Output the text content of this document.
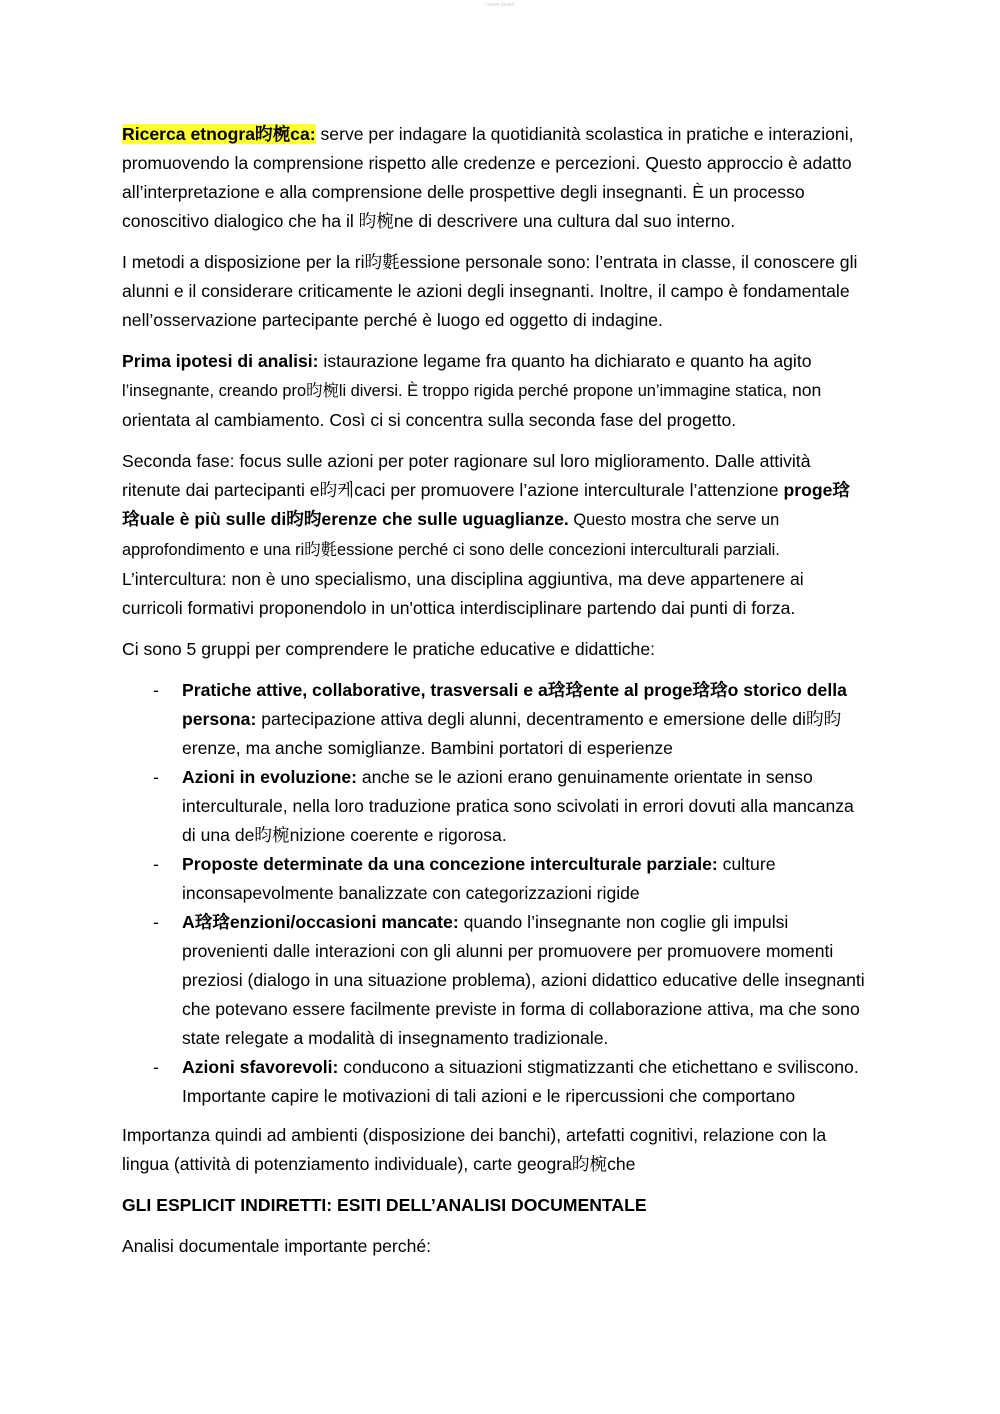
Lorem Ipsum

Ricerca etnogra昀椀ca: serve per indagare la quotidianità scolastica in pratiche e interazioni, promuovendo la comprensione rispetto alle credenze e percezioni. Questo approccio è adatto all’interpretazione e alla comprensione delle prospettive degli insegnanti. È un processo conoscitivo dialogico che ha il 昀椀ne di descrivere una cultura dal suo interno.

I metodi a disposizione per la ri昀氀essione personale sono: l’entrata in classe, il conoscere gli alunni e il considerare criticamente le azioni degli insegnanti. Inoltre, il campo è fondamentale nell’osservazione partecipante perché è luogo ed oggetto di indagine.

Prima ipotesi di analisi: istaurazione legame fra quanto ha dichiarato e quanto ha agito l’insegnante, creando pro昀椀li diversi. È troppo rigida perché propone un’immagine statica, non orientata al cambiamento. Così ci si concentra sulla seconda fase del progetto.

Seconda fase: focus sulle azioni per poter ragionare sul loro miglioramento. Dalle attività ritenute dai partecipanti e昀케caci per promuovere l’azione interculturale l’attenzione proge琀琀uale è più sulle di昀昀erenze che sulle uguaglianze. Questo mostra che serve un approfondimento e una ri昀氀essione perché ci sono delle concezioni interculturali parziali. L’intercultura: non è uno specialismo, una disciplina aggiuntiva, ma deve appartenere ai curricoli formativi proponendolo in un'ottica interdisciplinare partendo dai punti di forza.

Ci sono 5 gruppi per comprendere le pratiche educative e didattiche:

- Pratiche attive, collaborative, trasversali e a琀琀ente al proge琀琀o storico della persona: partecipazione attiva degli alunni, decentramento e emersione delle di昀昀erenze, ma anche somiglianze. Bambini portatori di esperienze
- Azioni in evoluzione: anche se le azioni erano genuinamente orientate in senso interculturale, nella loro traduzione pratica sono scivolati in errori dovuti alla mancanza di una de昀椀nizione coerente e rigorosa.
- Proposte determinate da una concezione interculturale parziale: culture inconsapevolmente banalizzate con categorizzazioni rigide
- A琀琀enzioni/occasioni mancate: quando l’insegnante non coglie gli impulsi provenienti dalle interazioni con gli alunni per promuovere per promuovere momenti preziosi (dialogo in una situazione problema), azioni didattico educative delle insegnanti che potevano essere facilmente previste in forma di collaborazione attiva, ma che sono state relegate a modalità di insegnamento tradizionale.
- Azioni sfavorevoli: conducono a situazioni stigmatizzanti che etichettano e sviliscono. Importante capire le motivazioni di tali azioni e le ripercussioni che comportano

Importanza quindi ad ambienti (disposizione dei banchi), artefatti cognitivi, relazione con la lingua (attività di potenziamento individuale), carte geogra昀椀che

GLI ESPLICIT INDIRETTI: ESITI DELL’ANALISI DOCUMENTALE

Analisi documentale importante perché:
